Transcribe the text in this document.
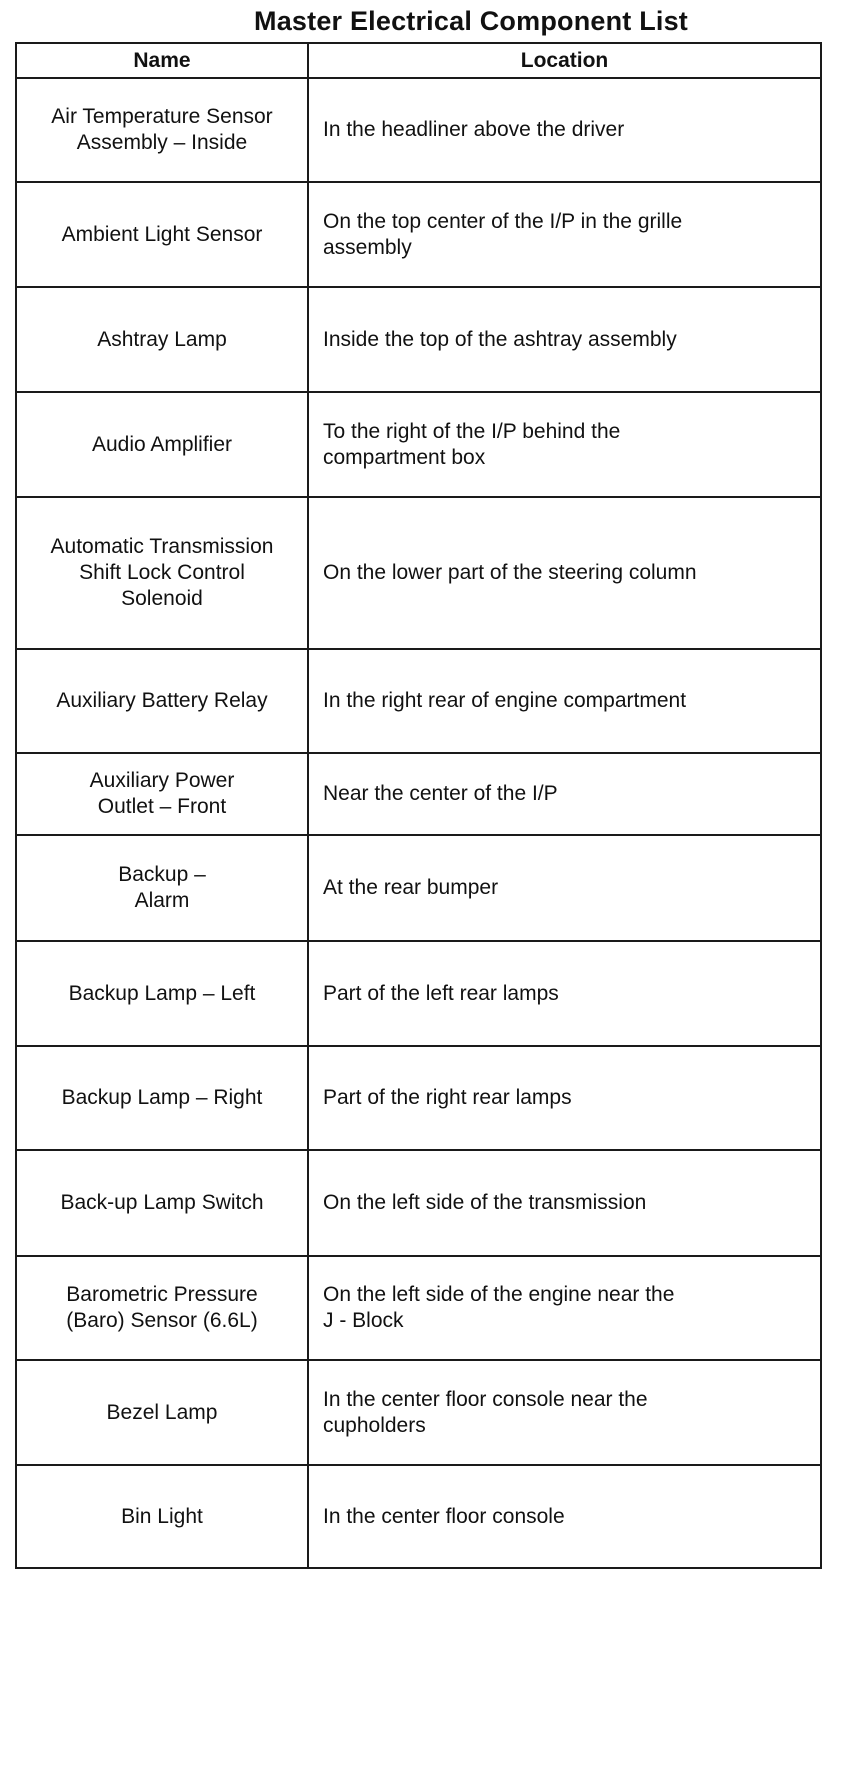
Master Electrical Component List
Name	Location
Air Temperature Sensor
Assembly – Inside	In the headliner above the driver
Ambient Light Sensor	On the top center of the I/P in the grille
assembly
Ashtray Lamp	Inside the top of the ashtray assembly
Audio Amplifier	To the right of the I/P behind the
compartment box
Automatic Transmission
Shift Lock Control
Solenoid	On the lower part of the steering column
Auxiliary Battery Relay	In the right rear of engine compartment
Auxiliary Power
Outlet – Front	Near the center of the I/P
Backup –
Alarm	At the rear bumper
Backup Lamp – Left	Part of the left rear lamps
Backup Lamp – Right	Part of the right rear lamps
Back-up Lamp Switch	On the left side of the transmission
Barometric Pressure
(Baro) Sensor (6.6L)	On the left side of the engine near the
J - Block
Bezel Lamp	In the center floor console near the
cupholders
Bin Light	In the center floor console
